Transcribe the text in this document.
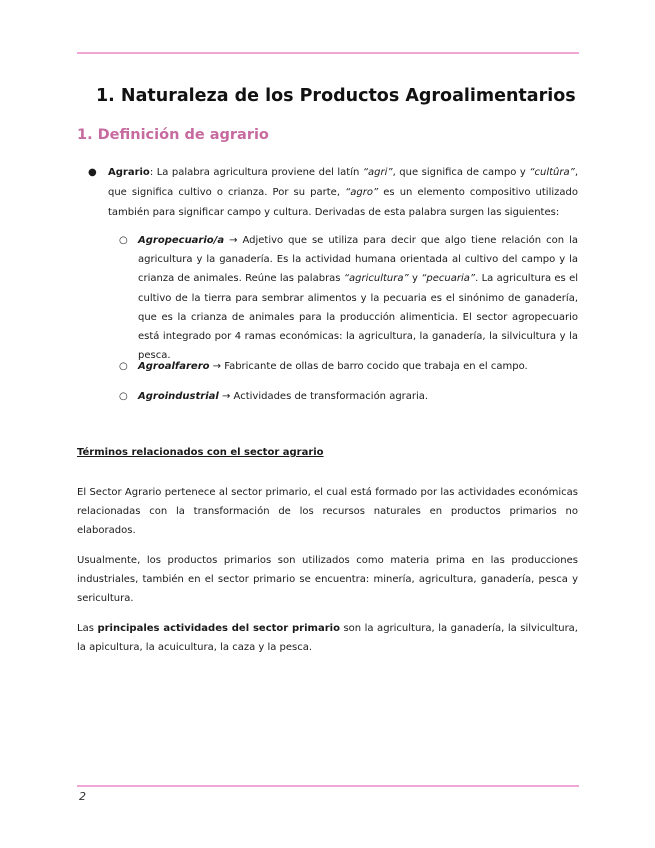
1. Naturaleza de los Productos Agroalimentarios
1. Definición de agrario
● Agrario: La palabra agricultura proviene del latín “agri”, que significa de campo y “cultûra”, que significa cultivo o crianza. Por su parte, “agro” es un elemento compositivo utilizado también para significar campo y cultura. Derivadas de esta palabra surgen las siguientes:
○ Agropecuario/a → Adjetivo que se utiliza para decir que algo tiene relación con la agricultura y la ganadería. Es la actividad humana orientada al cultivo del campo y la crianza de animales. Reúne las palabras “agricultura” y “pecuaria”. La agricultura es el cultivo de la tierra para sembrar alimentos y la pecuaria es el sinónimo de ganadería, que es la crianza de animales para la producción alimenticia. El sector agropecuario está integrado por 4 ramas económicas: la agricultura, la ganadería, la silvicultura y la pesca.
○ Agroalfarero → Fabricante de ollas de barro cocido que trabaja en el campo.
○ Agroindustrial → Actividades de transformación agraria.
Términos relacionados con el sector agrario
El Sector Agrario pertenece al sector primario, el cual está formado por las actividades económicas relacionadas con la transformación de los recursos naturales en productos primarios no elaborados.
Usualmente, los productos primarios son utilizados como materia prima en las producciones industriales, también en el sector primario se encuentra: minería, agricultura, ganadería, pesca y sericultura.
Las principales actividades del sector primario son la agricultura, la ganadería, la silvicultura, la apicultura, la acuicultura, la caza y la pesca.
2
